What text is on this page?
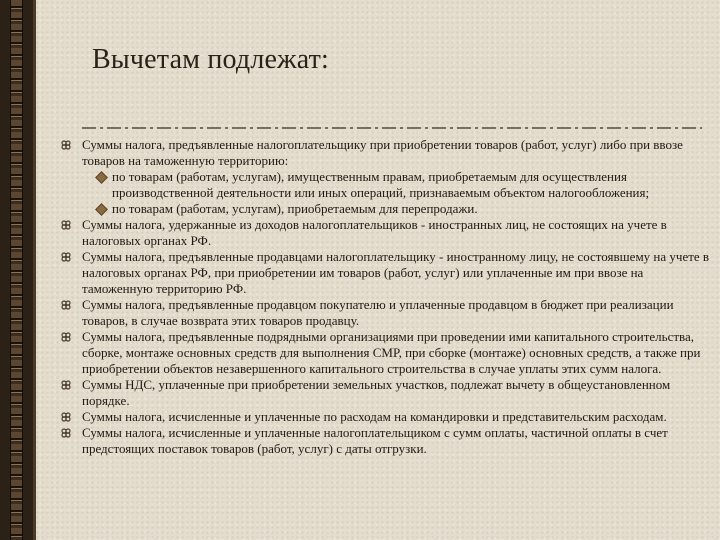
Вычетам подлежат:
Суммы налога, предъявленные налогоплательщику при приобретении товаров (работ, услуг) либо при ввозе товаров на таможенную территорию:
по товарам (работам, услугам), имущественным правам, приобретаемым для осуществления производственной деятельности или иных операций, признаваемым объектом налогообложения;
по товарам (работам, услугам), приобретаемым для перепродажи.
Суммы налога, удержанные из доходов налогоплательщиков - иностранных лиц, не состоящих на учете в налоговых органах РФ.
Суммы налога, предъявленные продавцами налогоплательщику - иностранному лицу, не состоявшему на учете в налоговых органах РФ, при приобретении им товаров (работ, услуг) или уплаченные им при ввозе на таможенную территорию РФ.
Суммы налога, предъявленные продавцом покупателю и уплаченные продавцом в бюджет при реализации товаров, в случае возврата этих товаров продавцу.
Суммы налога, предъявленные подрядными организациями при проведении ими капитального строительства, сборке, монтаже основных средств для выполнения СМР, при сборке (монтаже) основных средств, а также при приобретении объектов незавершенного капитального строительства в случае уплаты этих сумм налога.
Суммы НДС, уплаченные при приобретении земельных участков, подлежат вычету в общеустановленном порядке.
Суммы налога, исчисленные и уплаченные по расходам на командировки и представительским расходам.
Суммы налога, исчисленные и уплаченные налогоплательщиком с сумм оплаты, частичной оплаты в счет предстоящих поставок товаров (работ, услуг) с даты отгрузки.
